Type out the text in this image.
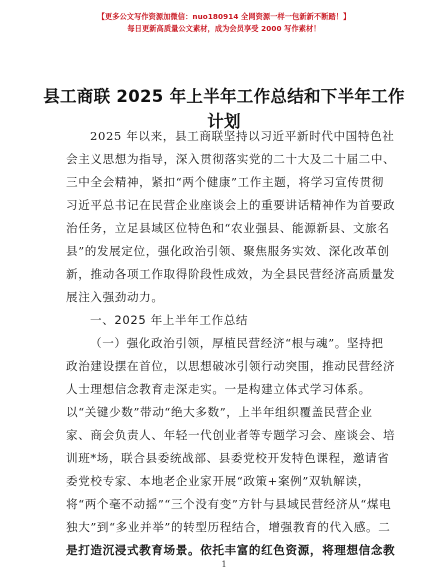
【更多公文写作资源加微信：nuo180914 全网资源一样一包新新不断踏！】
每日更新高质量公文素材，成为会员享受 2000 写作素材！
县工商联 2025 年上半年工作总结和下半年工作
计划
2025 年以来，县工商联坚持以习近平新时代中国特色社
会主义思想为指导，深入贯彻落实党的二十大及二十届二中、
三中全会精神，紧扣“两个健康”工作主题，将学习宣传贯彻
习近平总书记在民营企业座谈会上的重要讲话精神作为首要政
治任务，立足县域区位特色和“农业强县、能源新县、文旅名
县”的发展定位，强化政治引领、聚焦服务实效、深化改革创
新，推动各项工作取得阶段性成效，为全县民营经济高质量发
展注入强劲动力。
一、2025 年上半年工作总结
（一）强化政治引领，厚植民营经济“根与魂”。坚持把
政治建设摆在首位，以思想破冰引领行动突围，推动民营经济
人士理想信念教育走深走实。一是构建立体式学习体系。
以“关键少数”带动“绝大多数”，上半年组织覆盖民营企业
家、商会负责人、年轻一代创业者等专题学习会、座谈会、培
训班*场，联合县委统战部、县委党校开发特色课程，邀请省
委党校专家、本地老企业家开展“政策+案例”双轨解读，
将“两个毫不动摇”“三个没有变”方针与县域民营经济从“煤电
独大”到“多业并举”的转型历程结合，增强教育的代入感。二
是打造沉浸式教育场景。依托丰富的红色资源，将理想信念教
1
